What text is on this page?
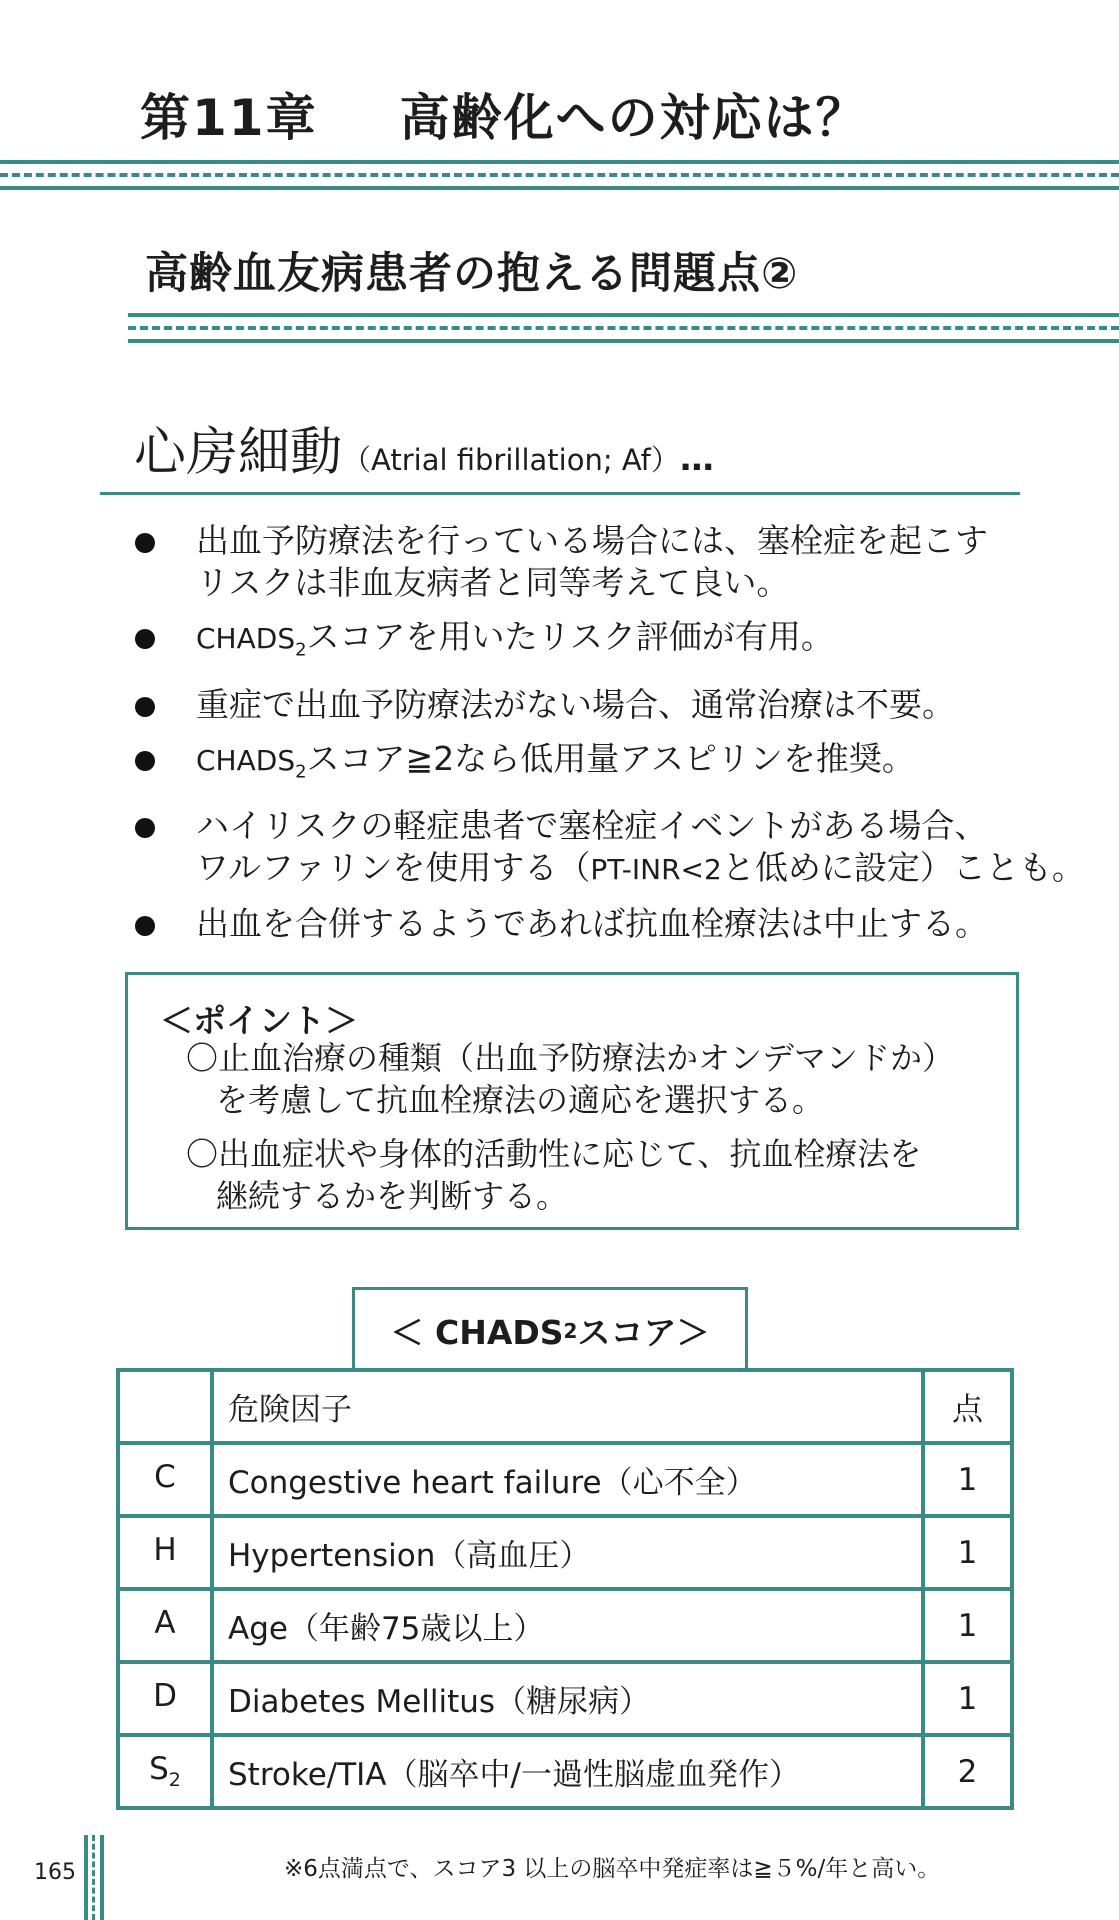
第11章 高齢化への対応は？
高齢血友病患者の抱える問題点②
心房細動（Atrial fibrillation; Af）…
出血予防療法を行っている場合には、塞栓症を起こす
リスクは非血友病者と同等考えて良い。
$CHADS_2$スコアを用いたリスク評価が有用。
重症で出血予防療法がない場合、通常治療は不要。
$CHADS_2$スコア≧2なら低用量アスピリンを推奨。
ハイリスクの軽症患者で塞栓症イベントがある場合、
ワルファリンを使用する（PT-INR<2と低めに設定）ことも。
出血を合併するようであれば抗血栓療法は中止する。
＜ポイント＞
〇止血治療の種類（出血予防療法かオンデマンドか）
を考慮して抗血栓療法の適応を選択する。
〇出血症状や身体的活動性に応じて、抗血栓療法を
継続するかを判断する。
＜ CHADS 2 スコア＞
	危険因子	点
C	Congestive heart failure（心不全）	1
H	Hypertension（高血圧）	1
A	Age（年齢75歳以上）	1
D	Diabetes Mellitus（糖尿病）	1
$S_2$	Stroke/TIA（脳卒中/一過性脳虚血発作）	2
※6点満点で、スコア3 以上の脳卒中発症率は≧５%/年と高い。
165
